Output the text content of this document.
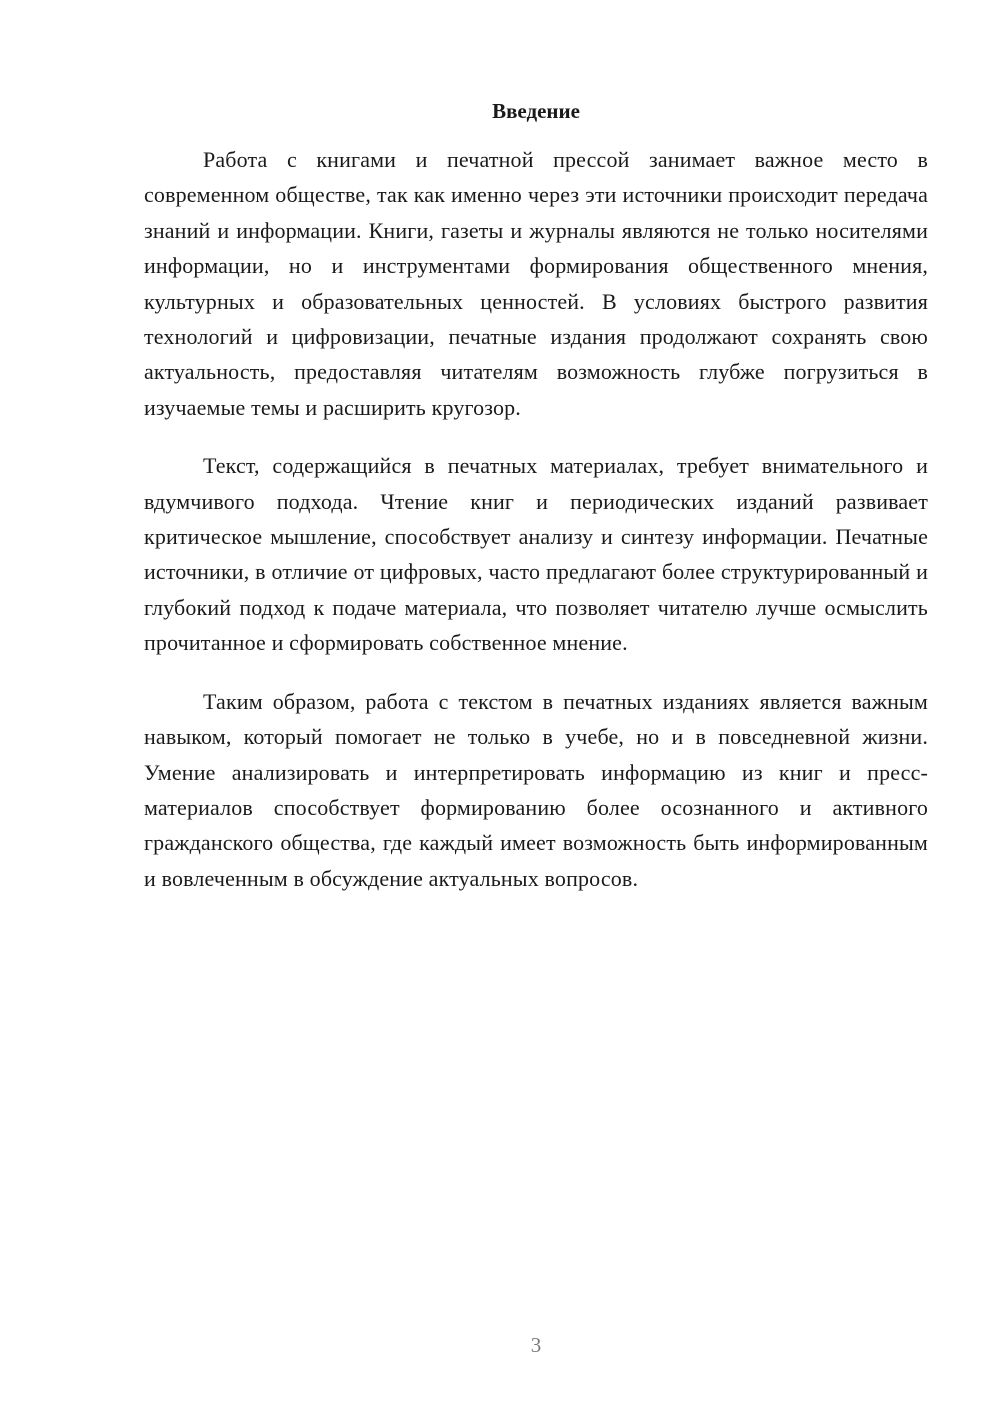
Введение

Работа с книгами и печатной прессой занимает важное место в современном обществе, так как именно через эти источники происходит передача знаний и информации. Книги, газеты и журналы являются не только носителями информации, но и инструментами формирования общественного мнения, культурных и образовательных ценностей. В условиях быстрого развития технологий и цифровизации, печатные издания продолжают сохранять свою актуальность, предоставляя читателям возможность глубже погрузиться в изучаемые темы и расширить кругозор.

Текст, содержащийся в печатных материалах, требует внимательного и вдумчивого подхода. Чтение книг и периодических изданий развивает критическое мышление, способствует анализу и синтезу информации. Печатные источники, в отличие от цифровых, часто предлагают более структурированный и глубокий подход к подаче материала, что позволяет читателю лучше осмыслить прочитанное и сформировать собственное мнение.

Таким образом, работа с текстом в печатных изданиях является важным навыком, который помогает не только в учебе, но и в повседневной жизни. Умение анализировать и интерпретировать информацию из книг и пресс-материалов способствует формированию более осознанного и активного гражданского общества, где каждый имеет возможность быть информированным и вовлеченным в обсуждение актуальных вопросов.

3
